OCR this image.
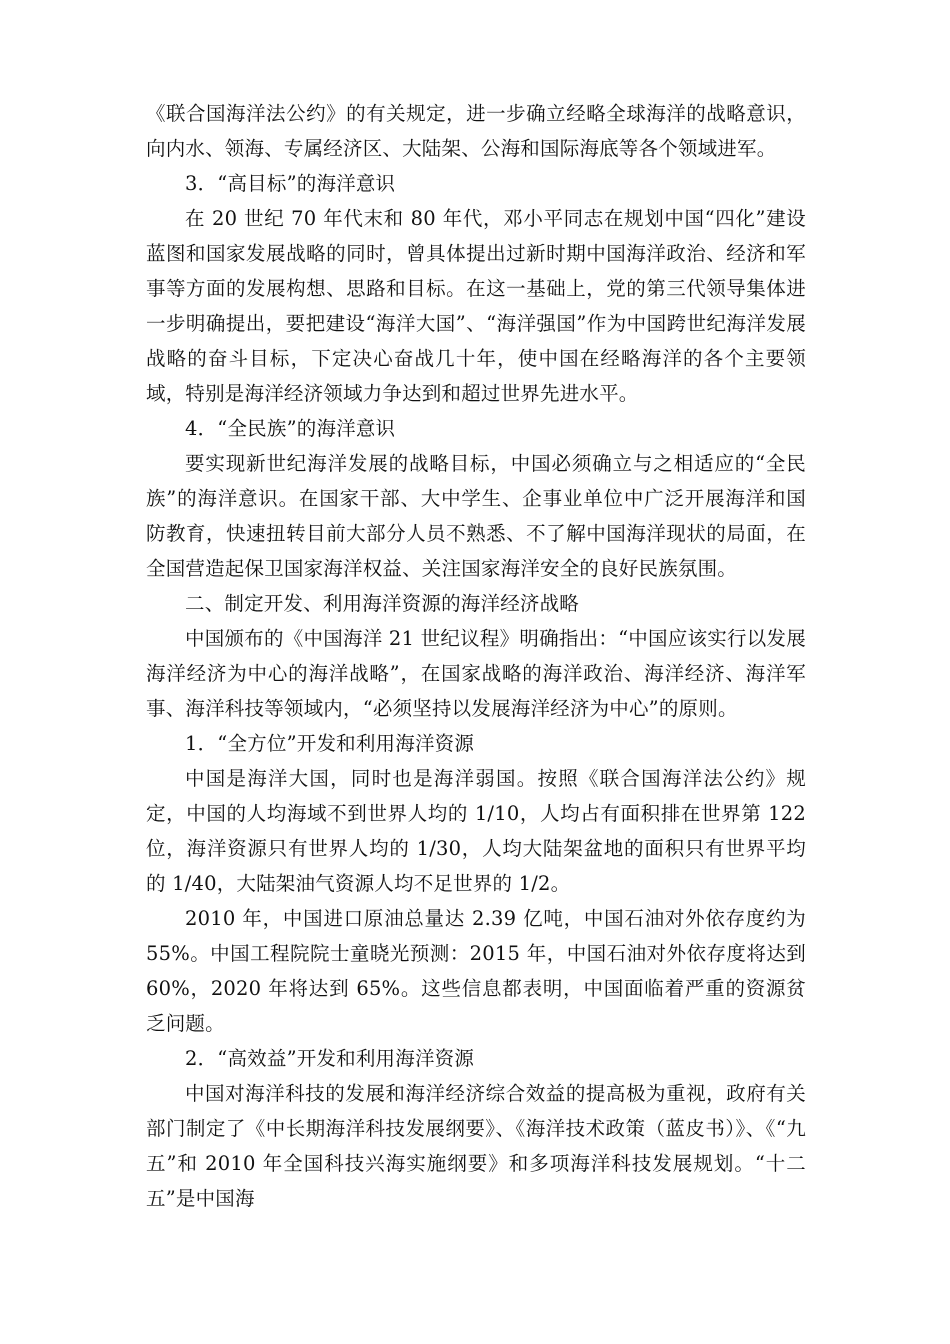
《联合国海洋法公约》的有关规定，进一步确立经略全球海洋的战略意识，向内水、领海、专属经济区、大陆架、公海和国际海底等各个领域进军。

3．“高目标”的海洋意识

在 20 世纪 70 年代末和 80 年代，邓小平同志在规划中国“四化”建设蓝图和国家发展战略的同时，曾具体提出过新时期中国海洋政治、经济和军事等方面的发展构想、思路和目标。在这一基础上，党的第三代领导集体进一步明确提出，要把建设“海洋大国”、“海洋强国”作为中国跨世纪海洋发展战略的奋斗目标，下定决心奋战几十年，使中国在经略海洋的各个主要领域，特别是海洋经济领域力争达到和超过世界先进水平。

4．“全民族”的海洋意识

要实现新世纪海洋发展的战略目标，中国必须确立与之相适应的“全民族”的海洋意识。在国家干部、大中学生、企事业单位中广泛开展海洋和国防教育，快速扭转目前大部分人员不熟悉、不了解中国海洋现状的局面，在全国营造起保卫国家海洋权益、关注国家海洋安全的良好民族氛围。

二、制定开发、利用海洋资源的海洋经济战略

中国颁布的《中国海洋 21 世纪议程》明确指出：“中国应该实行以发展海洋经济为中心的海洋战略”，在国家战略的海洋政治、海洋经济、海洋军事、海洋科技等领域内，“必须坚持以发展海洋经济为中心”的原则。

1．“全方位”开发和利用海洋资源

中国是海洋大国，同时也是海洋弱国。按照《联合国海洋法公约》规定，中国的人均海域不到世界人均的 1/10，人均占有面积排在世界第 122 位，海洋资源只有世界人均的 1/30，人均大陆架盆地的面积只有世界平均的 1/40，大陆架油气资源人均不足世界的 1/2。

2010 年，中国进口原油总量达 2.39 亿吨，中国石油对外依存度约为 55%。中国工程院院士童晓光预测：2015 年，中国石油对外依存度将达到 60%，2020 年将达到 65%。这些信息都表明，中国面临着严重的资源贫乏问题。

2．“高效益”开发和利用海洋资源

中国对海洋科技的发展和海洋经济综合效益的提高极为重视，政府有关部门制定了《中长期海洋科技发展纲要》、《海洋技术政策（蓝皮书）》、《“九五”和 2010 年全国科技兴海实施纲要》和多项海洋科技发展规划。“十二五”是中国海
